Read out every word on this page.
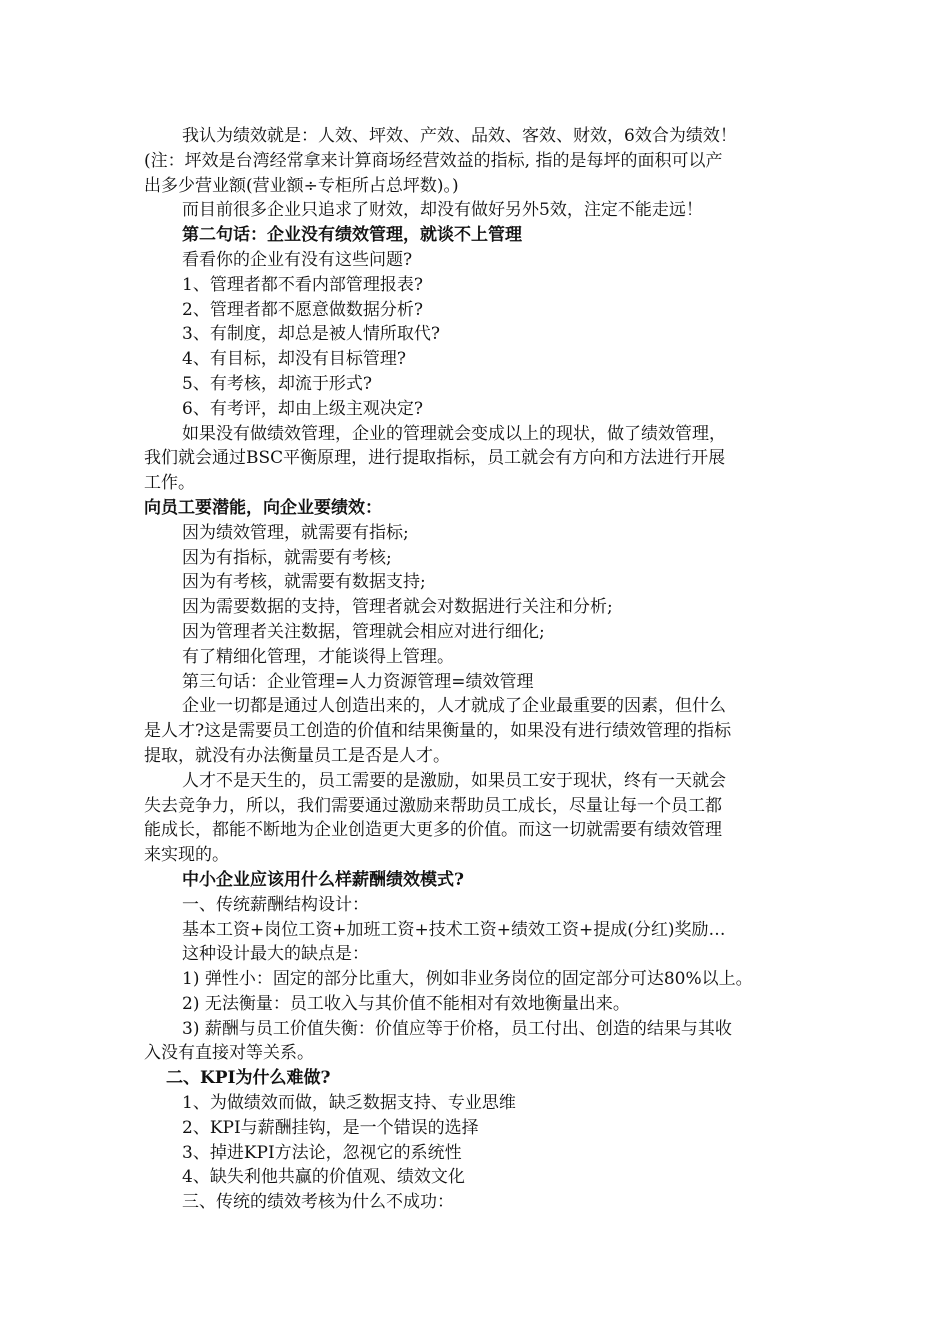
我认为绩效就是：人效、坪效、产效、品效、客效、财效，6效合为绩效！
(注：坪效是台湾经常拿来计算商场经营效益的指标, 指的是每坪的面积可以产
出多少营业额(营业额÷专柜所占总坪数)。)
而目前很多企业只追求了财效，却没有做好另外5效，注定不能走远！
第二句话：企业没有绩效管理，就谈不上管理
看看你的企业有没有这些问题?
1、管理者都不看内部管理报表?
2、管理者都不愿意做数据分析?
3、有制度，却总是被人情所取代?
4、有目标，却没有目标管理?
5、有考核，却流于形式?
6、有考评，却由上级主观决定?
如果没有做绩效管理，企业的管理就会变成以上的现状，做了绩效管理，
我们就会通过BSC平衡原理，进行提取指标，员工就会有方向和方法进行开展
工作。
向员工要潜能，向企业要绩效：
因为绩效管理，就需要有指标;
因为有指标，就需要有考核;
因为有考核，就需要有数据支持;
因为需要数据的支持，管理者就会对数据进行关注和分析;
因为管理者关注数据，管理就会相应对进行细化;
有了精细化管理，才能谈得上管理。
第三句话：企业管理=人力资源管理=绩效管理
企业一切都是通过人创造出来的，人才就成了企业最重要的因素，但什么
是人才?这是需要员工创造的价值和结果衡量的，如果没有进行绩效管理的指标
提取，就没有办法衡量员工是否是人才。
人才不是天生的，员工需要的是激励，如果员工安于现状，终有一天就会
失去竞争力，所以，我们需要通过激励来帮助员工成长，尽量让每一个员工都
能成长，都能不断地为企业创造更大更多的价值。而这一切就需要有绩效管理
来实现的。
中小企业应该用什么样薪酬绩效模式?
一、传统薪酬结构设计：
基本工资+岗位工资+加班工资+技术工资+绩效工资+提成(分红)奖励…
这种设计最大的缺点是：
1) 弹性小：固定的部分比重大，例如非业务岗位的固定部分可达80%以上。
2) 无法衡量：员工收入与其价值不能相对有效地衡量出来。
3) 薪酬与员工价值失衡：价值应等于价格，员工付出、创造的结果与其收
入没有直接对等关系。
二、KPI为什么难做?
1、为做绩效而做，缺乏数据支持、专业思维
2、KPI与薪酬挂钩，是一个错误的选择
3、掉进KPI方法论，忽视它的系统性
4、缺失利他共赢的价值观、绩效文化
三、传统的绩效考核为什么不成功：
